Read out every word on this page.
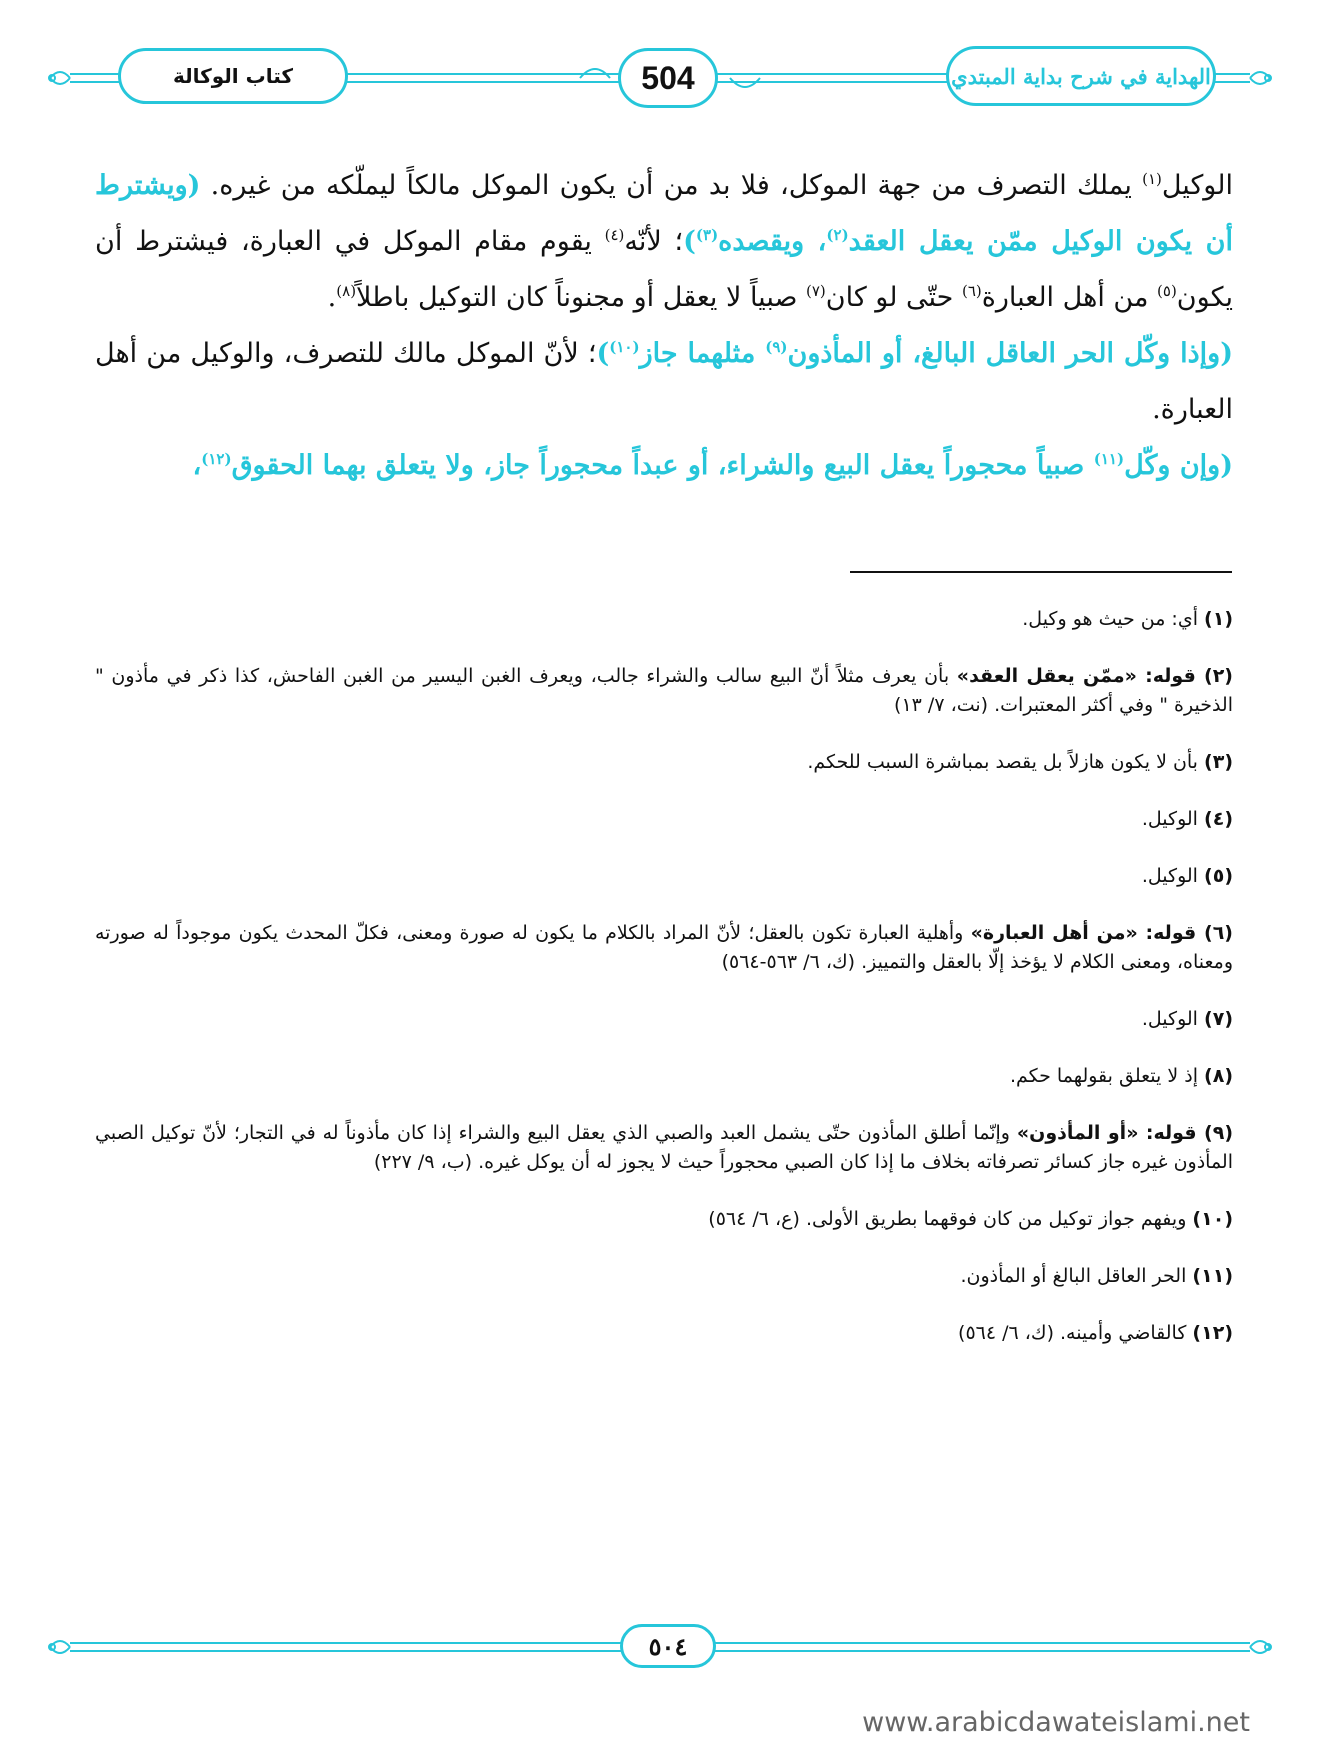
كتاب الوكالة	504	الهداية في شرح بداية المبتدي

الوكيل$^{(١)}$ يملك التصرف من جهة الموكل، فلا بد من أن يكون الموكل مالكاً ليملّكه من غيره. (ويشترط أن يكون الوكيل ممّن يعقل العقد$^{(٢)}$، ويقصده$^{(٣)}$)؛ لأنّه$^{(٤)}$ يقوم مقام الموكل في العبارة، فيشترط أن يكون$^{(٥)}$ من أهل العبارة$^{(٦)}$ حتّى لو كان$^{(٧)}$ صبياً لا يعقل أو مجنوناً كان التوكيل باطلاً$^{(٨)}$.

(وإذا وكّل الحر العاقل البالغ، أو المأذون$^{(٩)}$ مثلهما جاز$^{(١٠)}$)؛ لأنّ الموكل مالك للتصرف، والوكيل من أهل العبارة.

(وإن وكّل$^{(١١)}$ صبياً محجوراً يعقل البيع والشراء، أو عبداً محجوراً جاز، ولا يتعلق بهما الحقوق$^{(١٢)}$،

(١) أي: من حيث هو وكيل.

(٢) قوله: «ممّن يعقل العقد» بأن يعرف مثلاً أنّ البيع سالب والشراء جالب، ويعرف الغبن اليسير من الغبن الفاحش، كذا ذكر في مأذون " الذخيرة " وفي أكثر المعتبرات. (نت، ٧/ ١٣)

(٣) بأن لا يكون هازلاً بل يقصد بمباشرة السبب للحكم.

(٤) الوكيل.

(٥) الوكيل.

(٦) قوله: «من أهل العبارة» وأهلية العبارة تكون بالعقل؛ لأنّ المراد بالكلام ما يكون له صورة ومعنى، فكلّ المحدث يكون موجوداً له صورته ومعناه، ومعنى الكلام لا يؤخذ إلّا بالعقل والتمييز. (ك، ٦/ ٥٦٣-٥٦٤)

(٧) الوكيل.

(٨) إذ لا يتعلق بقولهما حكم.

(٩) قوله: «أو المأذون» وإنّما أطلق المأذون حتّى يشمل العبد والصبي الذي يعقل البيع والشراء إذا كان مأذوناً له في التجار؛ لأنّ توكيل الصبي المأذون غيره جاز كسائر تصرفاته بخلاف ما إذا كان الصبي محجوراً حيث لا يجوز له أن يوكل غيره. (ب، ٩/ ٢٢٧)

(١٠) ويفهم جواز توكيل من كان فوقهما بطريق الأولى. (ع، ٦/ ٥٦٤)

(١١) الحر العاقل البالغ أو المأذون.

(١٢) كالقاضي وأمينه. (ك، ٦/ ٥٦٤)

٥٠٤
www.arabicdawateislami.net
